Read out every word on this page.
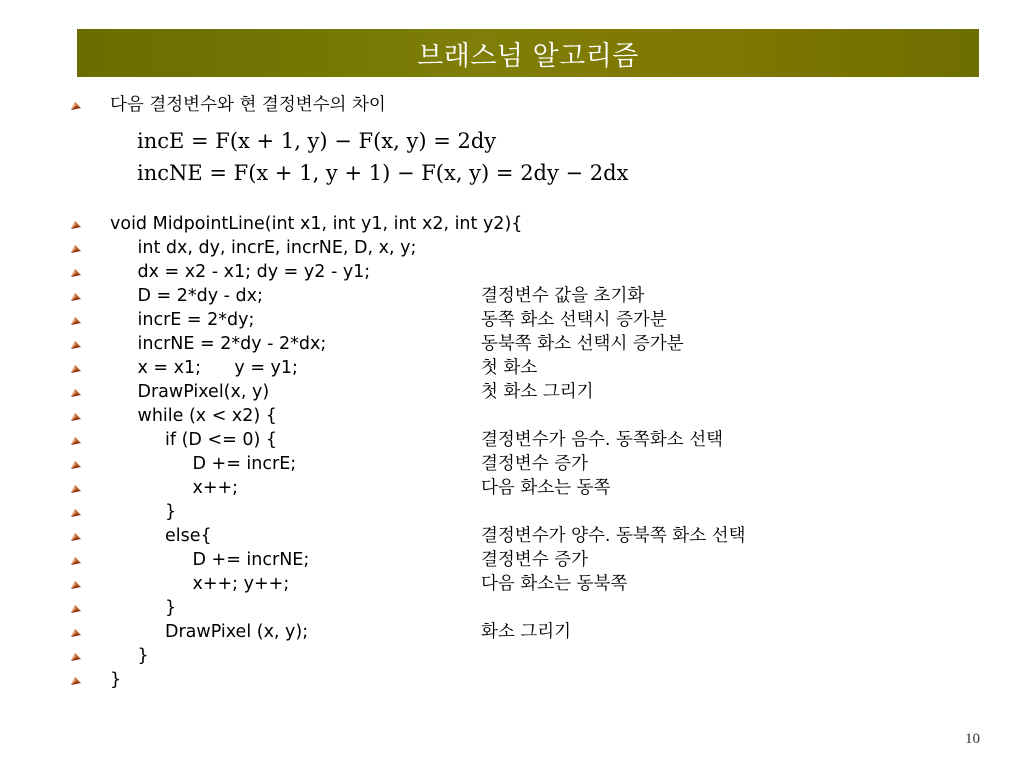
브래스넘 알고리즘
다음 결정변수와 현 결정변수의 차이
incE = F(x + 1, y) − F(x, y) = 2dy
incNE = F(x + 1, y + 1) − F(x, y) = 2dy − 2dx
void MidpointLine(int x1, int y1, int x2, int y2){
int dx, dy, incrE, incrNE, D, x, y;
dx = x2 - x1; dy = y2 - y1;
D = 2*dy - dx;	결정변수 값을 초기화
incrE = 2*dy;	동쪽 화소 선택시 증가분
incrNE = 2*dy - 2*dx;	동북쪽 화소 선택시 증가분
x = x1;      y = y1;	첫 화소
DrawPixel(x, y)	첫 화소 그리기
while (x < x2) {
if (D <= 0) {	결정변수가 음수. 동쪽화소 선택
D += incrE;	결정변수 증가
x++;	다음 화소는 동쪽
}
else{	결정변수가 양수. 동북쪽 화소 선택
D += incrNE;	결정변수 증가
x++; y++;	다음 화소는 동북쪽
}
DrawPixel (x, y);	화소 그리기
}
}
10
